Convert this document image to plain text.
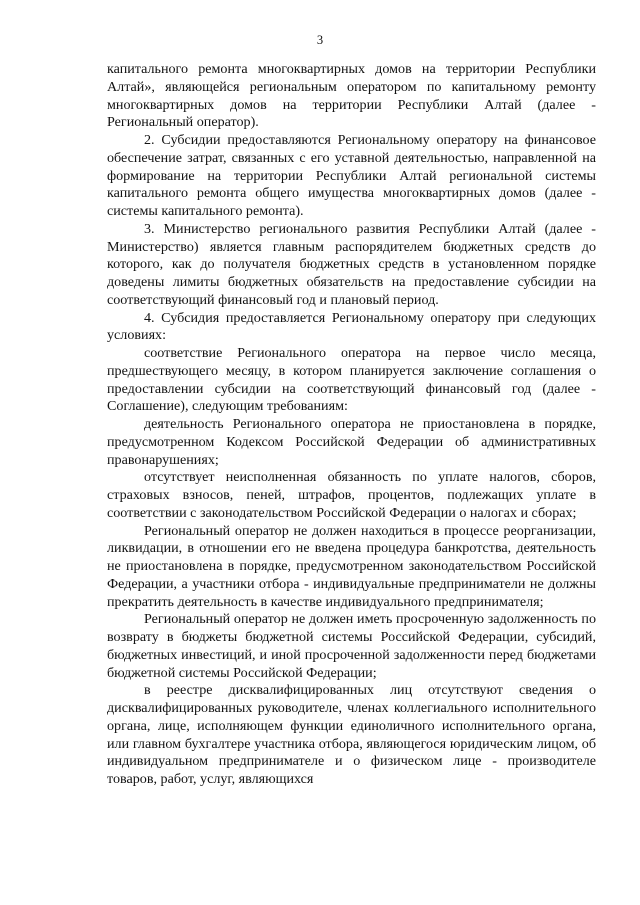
3

капитального ремонта многоквартирных домов на территории Республики Алтай», являющейся региональным оператором по капитальному ремонту многоквартирных домов на территории Республики Алтай (далее - Региональный оператор).

2. Субсидии предоставляются Региональному оператору на финансовое обеспечение затрат, связанных с его уставной деятельностью, направленной на формирование на территории Республики Алтай региональной системы капитального ремонта общего имущества многоквартирных домов (далее - системы капитального ремонта).

3. Министерство регионального развития Республики Алтай (далее - Министерство) является главным распорядителем бюджетных средств до которого, как до получателя бюджетных средств в установленном порядке доведены лимиты бюджетных обязательств на предоставление субсидии на соответствующий финансовый год и плановый период.

4. Субсидия предоставляется Региональному оператору при следующих условиях:

соответствие Регионального оператора на первое число месяца, предшествующего месяцу, в котором планируется заключение соглашения о предоставлении субсидии на соответствующий финансовый год (далее - Соглашение), следующим требованиям:

деятельность Регионального оператора не приостановлена в порядке, предусмотренном Кодексом Российской Федерации об административных правонарушениях;

отсутствует неисполненная обязанность по уплате налогов, сборов, страховых взносов, пеней, штрафов, процентов, подлежащих уплате в соответствии с законодательством Российской Федерации о налогах и сборах;

Региональный оператор не должен находиться в процессе реорганизации, ликвидации, в отношении его не введена процедура банкротства, деятельность не приостановлена в порядке, предусмотренном законодательством Российской Федерации, а участники отбора - индивидуальные предприниматели не должны прекратить деятельность в качестве индивидуального предпринимателя;

Региональный оператор не должен иметь просроченную задолженность по возврату в бюджеты бюджетной системы Российской Федерации, субсидий, бюджетных инвестиций, и иной просроченной задолженности перед бюджетами бюджетной системы Российской Федерации;

в реестре дисквалифицированных лиц отсутствуют сведения о дисквалифицированных руководителе, членах коллегиального исполнительного органа, лице, исполняющем функции единоличного исполнительного органа, или главном бухгалтере участника отбора, являющегося юридическим лицом, об индивидуальном предпринимателе и о физическом лице - производителе товаров, работ, услуг, являющихся
